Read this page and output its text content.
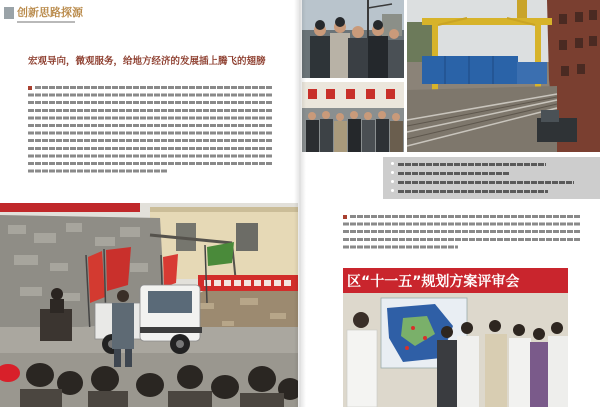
创新思路探源
宏观导向，微观服务，给地方经济的发展插上腾飞的翅膀
区“十一五”规划方案评审会
